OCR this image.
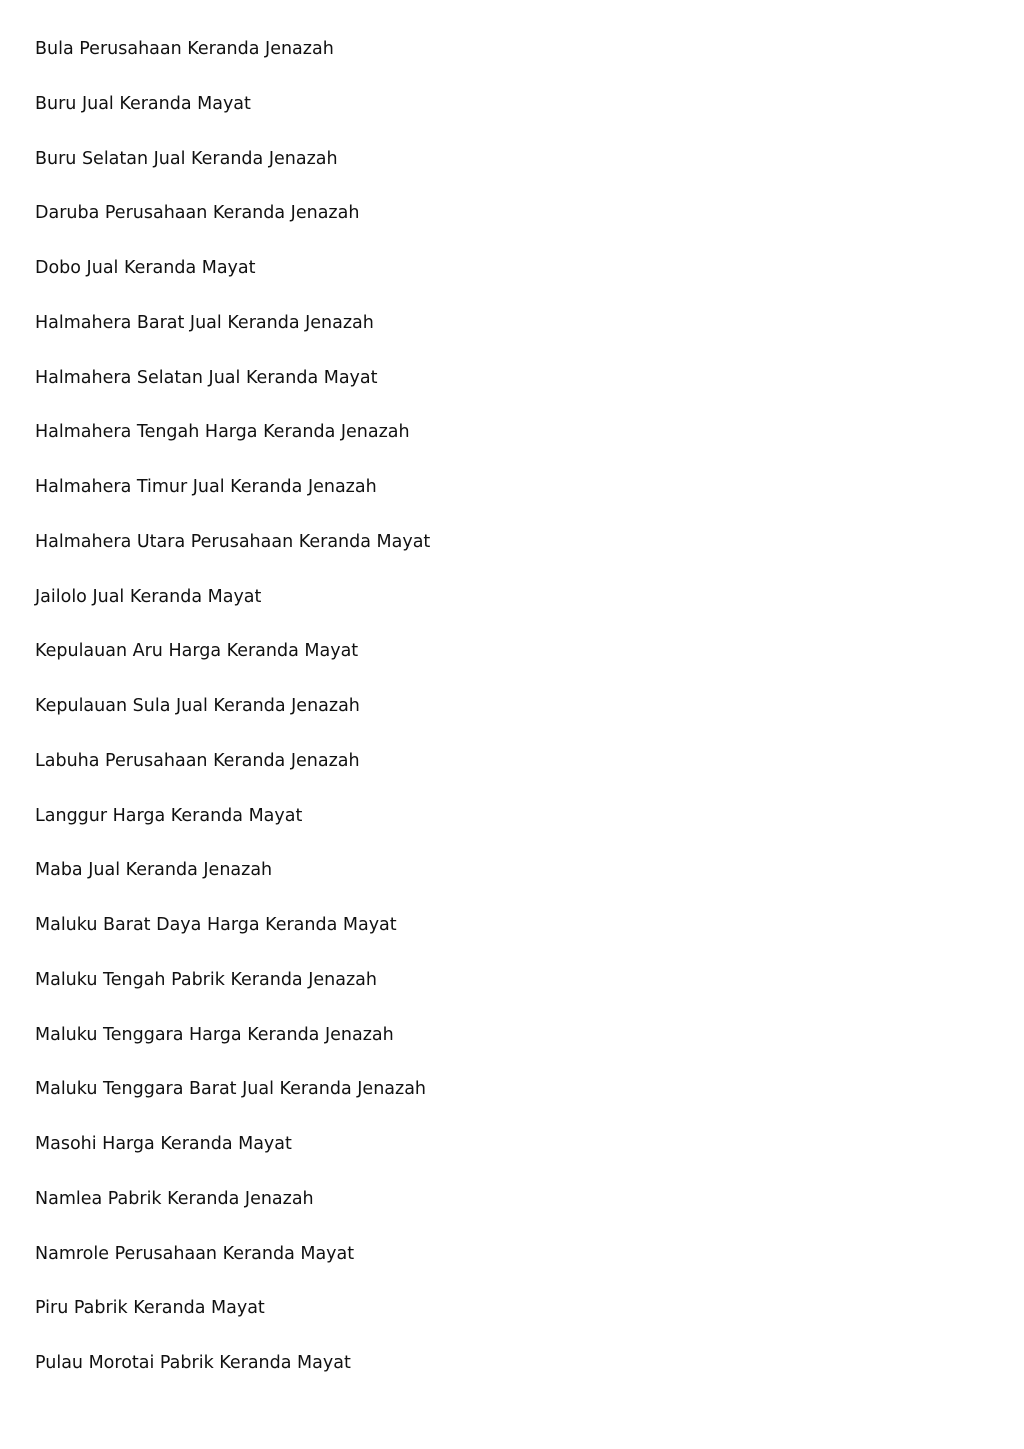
Bula Perusahaan Keranda Jenazah
Buru Jual Keranda Mayat
Buru Selatan Jual Keranda Jenazah
Daruba Perusahaan Keranda Jenazah
Dobo Jual Keranda Mayat
Halmahera Barat Jual Keranda Jenazah
Halmahera Selatan Jual Keranda Mayat
Halmahera Tengah Harga Keranda Jenazah
Halmahera Timur Jual Keranda Jenazah
Halmahera Utara Perusahaan Keranda Mayat
Jailolo Jual Keranda Mayat
Kepulauan Aru Harga Keranda Mayat
Kepulauan Sula Jual Keranda Jenazah
Labuha Perusahaan Keranda Jenazah
Langgur Harga Keranda Mayat
Maba Jual Keranda Jenazah
Maluku Barat Daya Harga Keranda Mayat
Maluku Tengah Pabrik Keranda Jenazah
Maluku Tenggara Harga Keranda Jenazah
Maluku Tenggara Barat Jual Keranda Jenazah
Masohi Harga Keranda Mayat
Namlea Pabrik Keranda Jenazah
Namrole Perusahaan Keranda Mayat
Piru Pabrik Keranda Mayat
Pulau Morotai Pabrik Keranda Mayat
